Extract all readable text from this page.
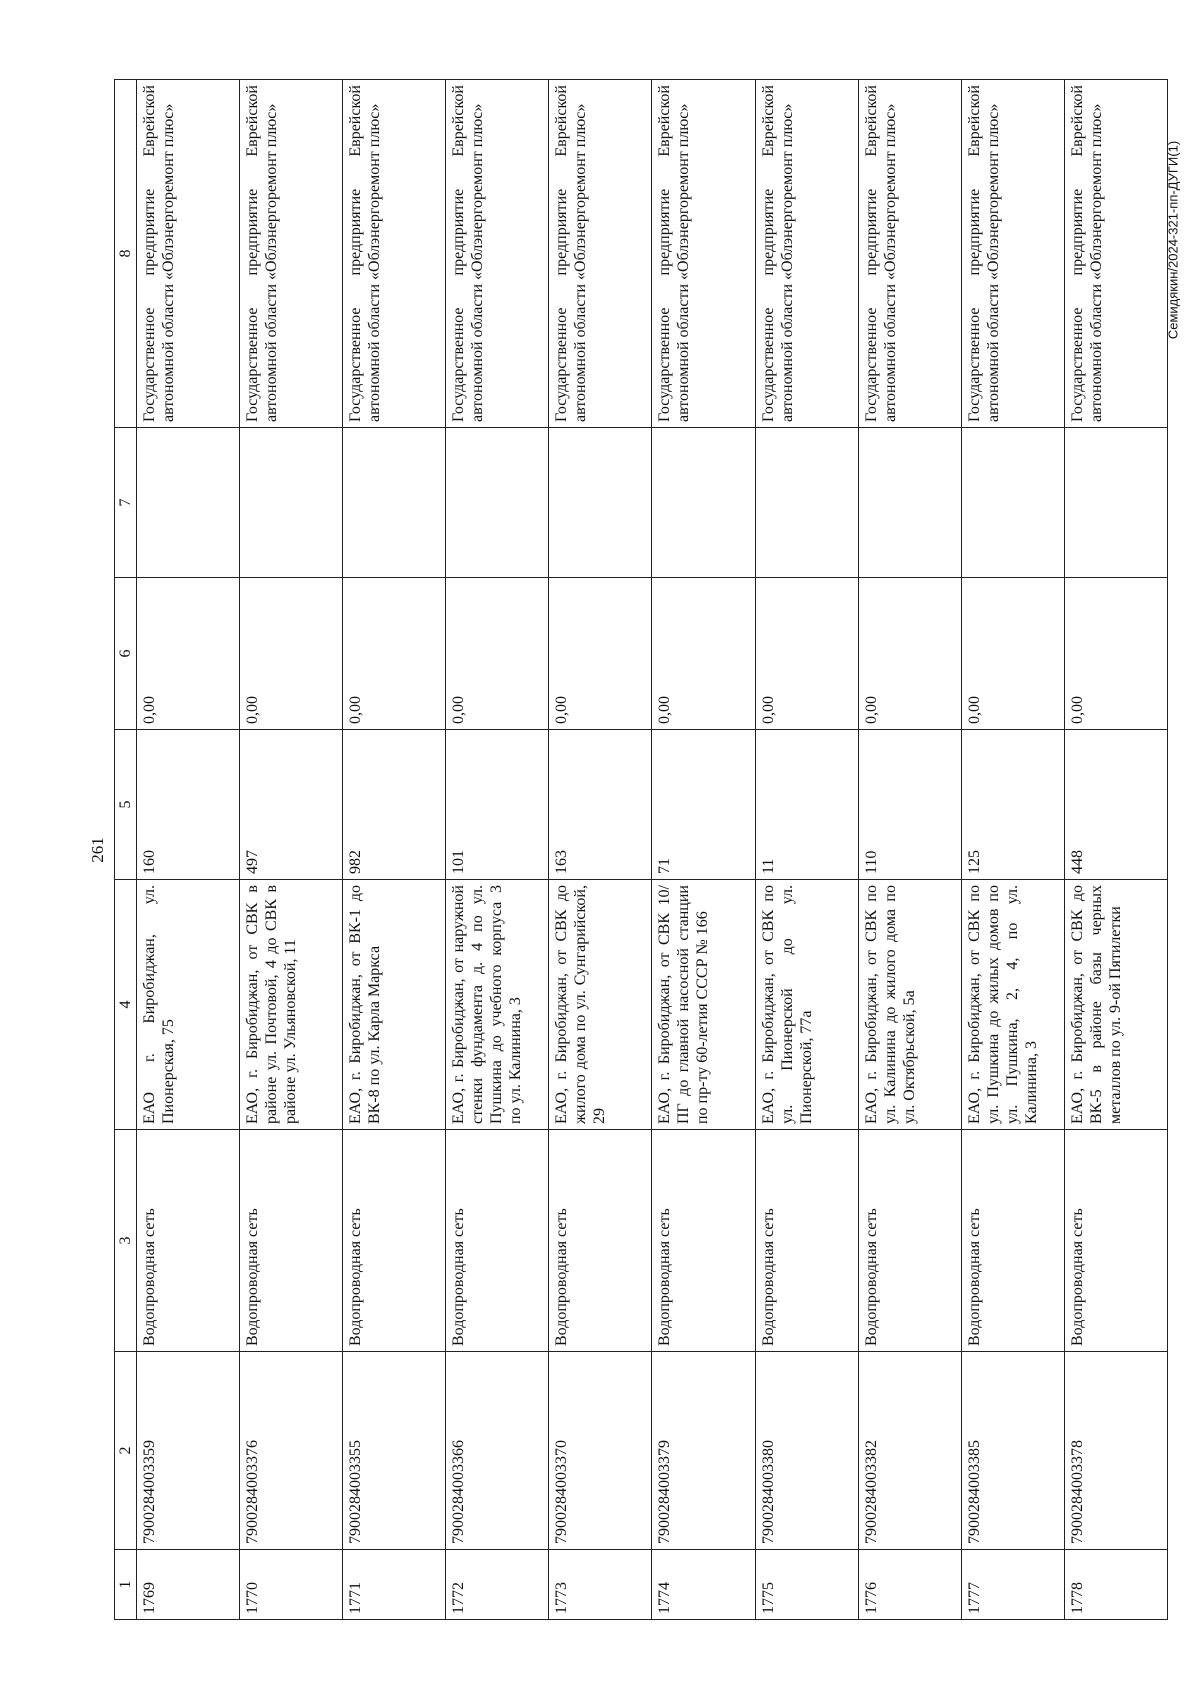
261
1	2	3	4	5	6	7	8
1769	7900284003359	Водопроводная сеть	ЕАО г. Биробиджан, ул. Пионерская, 75	160	0,00		Государственное предприятие Еврейской автономной области «Облэнергоремонт плюс»
1770	7900284003376	Водопроводная сеть	ЕАО, г. Биробиджан, от СВК в районе ул. Почтовой, 4 до СВК в районе ул. Ульяновской, 11	497	0,00		Государственное предприятие Еврейской автономной области «Облэнергоремонт плюс»
1771	7900284003355	Водопроводная сеть	ЕАО, г. Биробиджан, от ВК-1 до ВК-8 по ул. Карла Маркса	982	0,00		Государственное предприятие Еврейской автономной области «Облэнергоремонт плюс»
1772	7900284003366	Водопроводная сеть	ЕАО, г. Биробиджан, от наружной стенки фундамента д. 4 по ул. Пушкина до учебного корпуса 3 по ул. Калинина, 3	101	0,00		Государственное предприятие Еврейской автономной области «Облэнергоремонт плюс»
1773	7900284003370	Водопроводная сеть	ЕАО, г. Биробиджан, от СВК до жилого дома по ул. Сунгарийской, 29	163	0,00		Государственное предприятие Еврейской автономной области «Облэнергоремонт плюс»
1774	7900284003379	Водопроводная сеть	ЕАО, г. Биробиджан, от СВК 10/ПГ до главной насосной станции по пр-ту 60-летия СССР № 166	71	0,00		Государственное предприятие Еврейской автономной области «Облэнергоремонт плюс»
1775	7900284003380	Водопроводная сеть	ЕАО, г. Биробиджан, от СВК по ул. Пионерской до ул. Пионерской, 77а	11	0,00		Государственное предприятие Еврейской автономной области «Облэнергоремонт плюс»
1776	7900284003382	Водопроводная сеть	ЕАО, г. Биробиджан, от СВК по ул. Калинина до жилого дома по ул. Октябрьской, 5а	110	0,00		Государственное предприятие Еврейской автономной области «Облэнергоремонт плюс»
1777	7900284003385	Водопроводная сеть	ЕАО, г. Биробиджан, от СВК по ул. Пушкина до жилых домов по ул. Пушкина, 2, 4, по ул. Калинина, 3	125	0,00		Государственное предприятие Еврейской автономной области «Облэнергоремонт плюс»
1778	7900284003378	Водопроводная сеть	ЕАО, г. Биробиджан, от СВК до ВК-5 в районе базы черных металлов по ул. 9-ой Пятилетки	448	0,00		Государственное предприятие Еврейской автономной области «Облэнергоремонт плюс»	Семидякин/2024-321-пп-ДУГИ(1)
